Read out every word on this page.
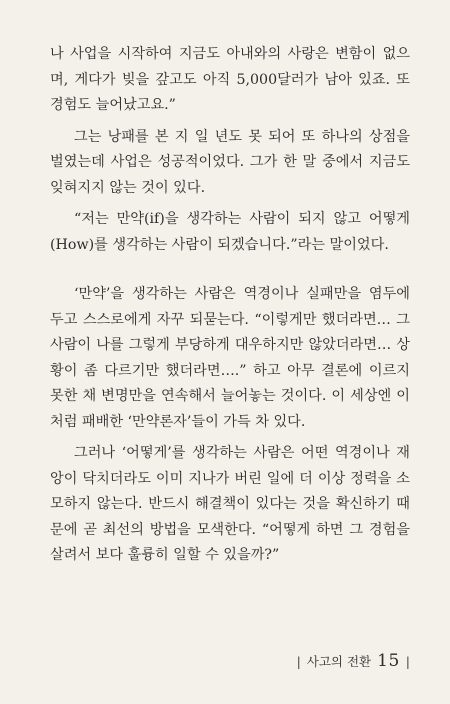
나 사업을 시작하여 지금도 아내와의 사랑은 변함이 없으며, 게다가 빚을 갚고도 아직 5,000달러가 남아 있죠. 또 경험도 늘어났고요.”

그는 낭패를 본 지 일 년도 못 되어 또 하나의 상점을 벌였는데 사업은 성공적이었다. 그가 한 말 중에서 지금도 잊혀지지 않는 것이 있다.

“저는 만약(if)을 생각하는 사람이 되지 않고 어떻게(How)를 생각하는 사람이 되겠습니다.”라는 말이었다.

‘만약’을 생각하는 사람은 역경이나 실패만을 염두에 두고 스스로에게 자꾸 되묻는다. “이렇게만 했더라면… 그 사람이 나를 그렇게 부당하게 대우하지만 않았더라면… 상황이 좀 다르기만 했더라면….” 하고 아무 결론에 이르지 못한 채 변명만을 연속해서 늘어놓는 것이다. 이 세상엔 이처럼 패배한 ‘만약론자’들이 가득 차 있다.

그러나 ‘어떻게’를 생각하는 사람은 어떤 역경이나 재앙이 닥치더라도 이미 지나가 버린 일에 더 이상 정력을 소모하지 않는다. 반드시 해결책이 있다는 것을 확신하기 때문에 곧 최선의 방법을 모색한다. “어떻게 하면 그 경험을 살려서 보다 훌륭히 일할 수 있을까?”

| 사고의 전환 15 |
